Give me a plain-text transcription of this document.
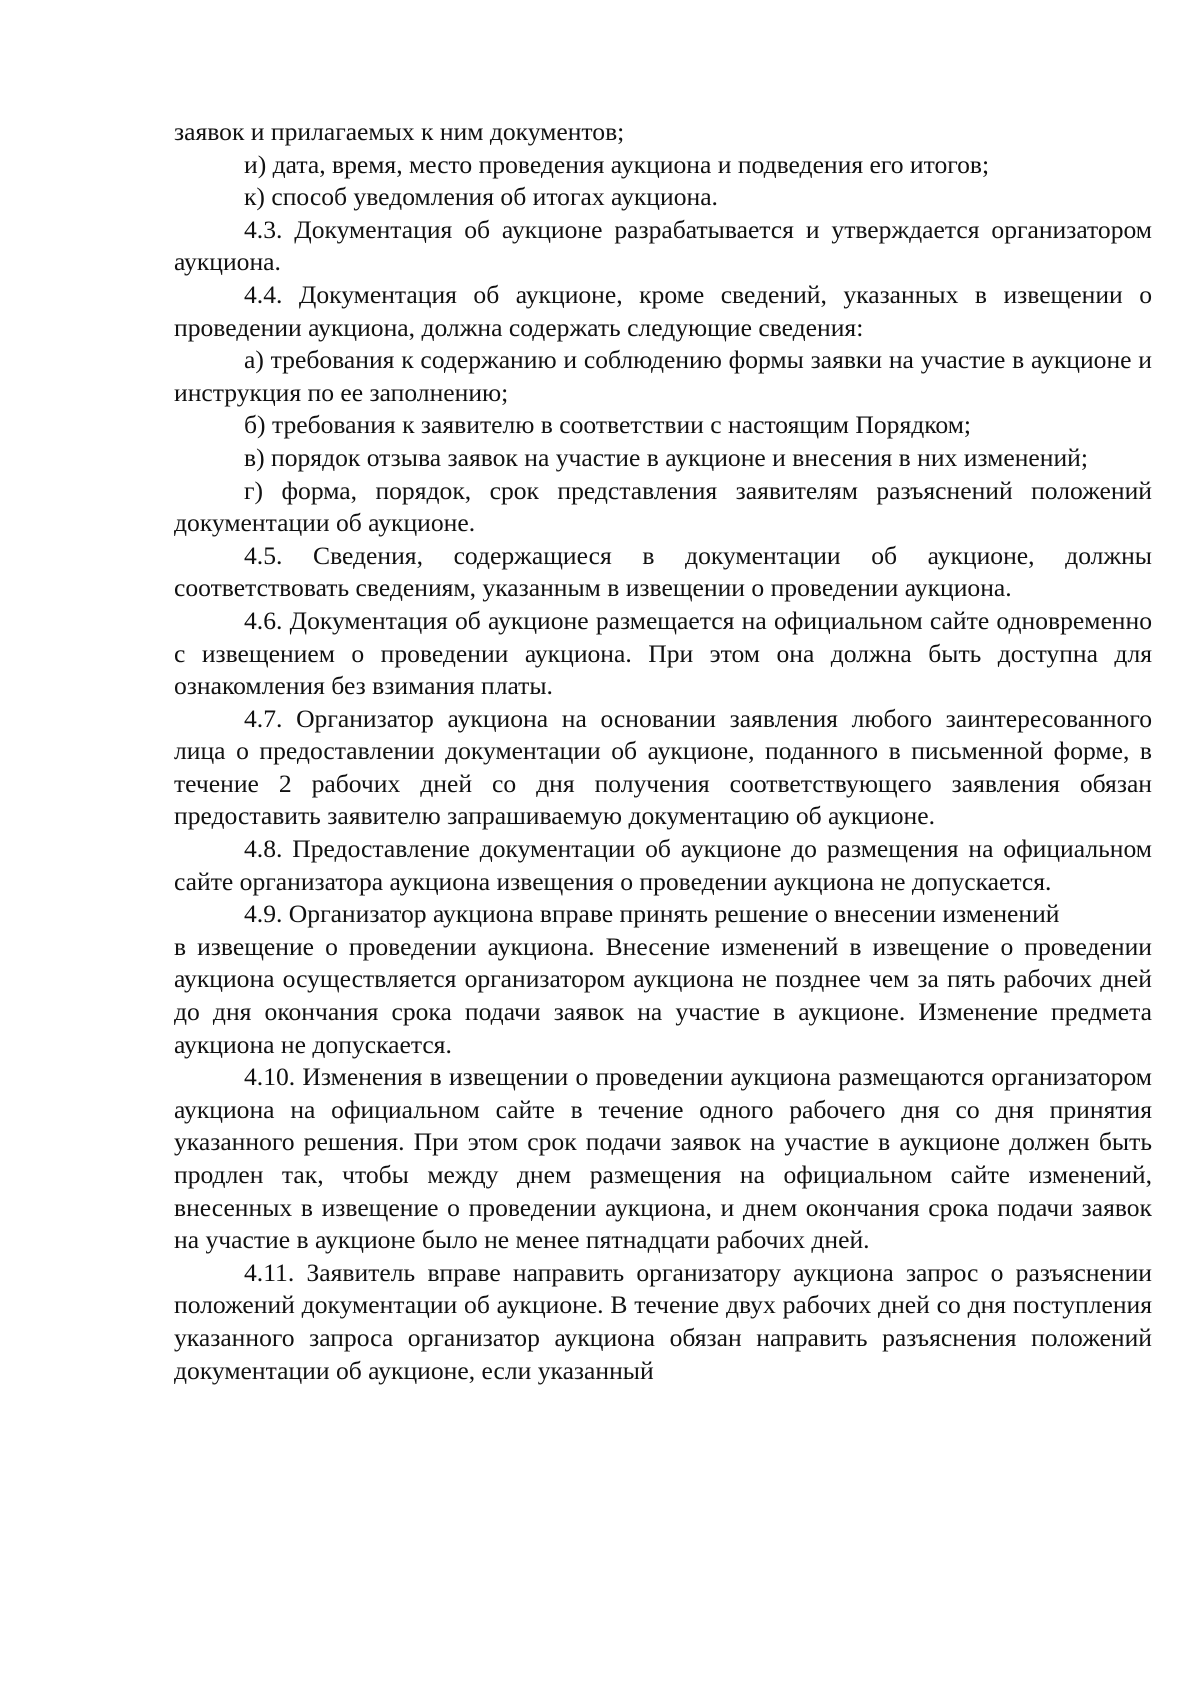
заявок и прилагаемых к ним документов;

и) дата, время, место проведения аукциона и подведения его итогов;

к) способ уведомления об итогах аукциона.

4.3. Документация об аукционе разрабатывается и утверждается организатором аукциона.

4.4. Документация об аукционе, кроме сведений, указанных в извещении о проведении аукциона, должна содержать следующие сведения:

а) требования к содержанию и соблюдению формы заявки на участие в аукционе и инструкция по ее заполнению;

б) требования к заявителю в соответствии с настоящим Порядком;

в) порядок отзыва заявок на участие в аукционе и внесения в них изменений;

г) форма, порядок, срок представления заявителям разъяснений положений документации об аукционе.

4.5. Сведения, содержащиеся в документации об аукционе, должны соответствовать сведениям, указанным в извещении о проведении аукциона.

4.6. Документация об аукционе размещается на официальном сайте одновременно с извещением о проведении аукциона. При этом она должна быть доступна для ознакомления без взимания платы.

4.7. Организатор аукциона на основании заявления любого заинтересованного лица о предоставлении документации об аукционе, поданного в письменной форме, в течение 2 рабочих дней со дня получения соответствующего заявления обязан предоставить заявителю запрашиваемую документацию об аукционе.

4.8. Предоставление документации об аукционе до размещения на официальном сайте организатора аукциона извещения о проведении аукциона не допускается.

4.9. Организатор аукциона вправе принять решение о внесении изменений

в извещение о проведении аукциона. Внесение изменений в извещение о проведении аукциона осуществляется организатором аукциона не позднее чем за пять рабочих дней до дня окончания срока подачи заявок на участие в аукционе. Изменение предмета аукциона не допускается.

4.10. Изменения в извещении о проведении аукциона размещаются организатором аукциона на официальном сайте в течение одного рабочего дня со дня принятия указанного решения. При этом срок подачи заявок на участие в аукционе должен быть продлен так, чтобы между днем размещения на официальном сайте изменений, внесенных в извещение о проведении аукциона, и днем окончания срока подачи заявок на участие в аукционе было не менее пятнадцати рабочих дней.

4.11. Заявитель вправе направить организатору аукциона запрос о разъяснении положений документации об аукционе. В течение двух рабочих дней со дня поступления указанного запроса организатор аукциона обязан направить разъяснения положений документации об аукционе, если указанный
